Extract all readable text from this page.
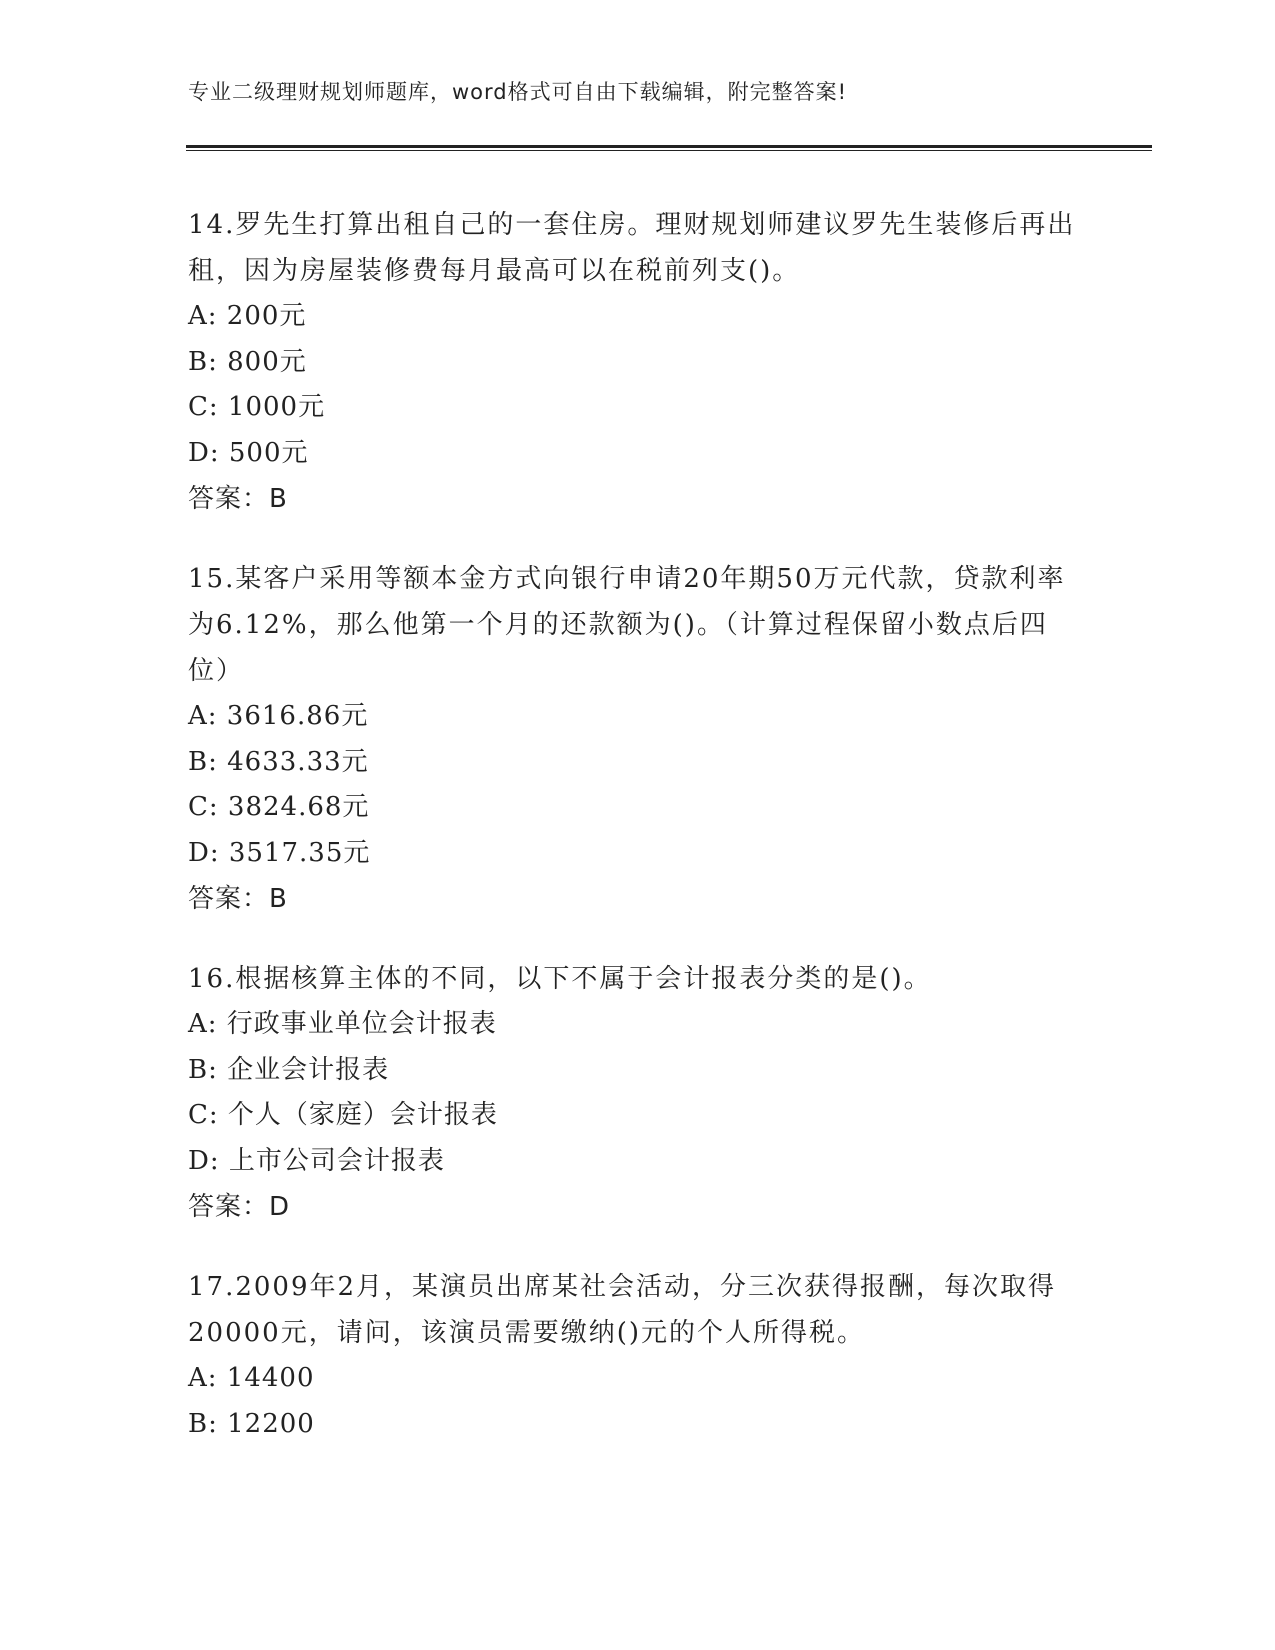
专业二级理财规划师题库，word格式可自由下载编辑，附完整答案!
14.罗先生打算出租自己的一套住房。理财规划师建议罗先生装修后再出租，因为房屋装修费每月最高可以在税前列支()。
A: 200元
B: 800元
C: 1000元
D: 500元
答案：B
15.某客户采用等额本金方式向银行申请20年期50万元代款，贷款利率为6.12%，那么他第一个月的还款额为()。（计算过程保留小数点后四位）
A: 3616.86元
B: 4633.33元
C: 3824.68元
D: 3517.35元
答案：B
16.根据核算主体的不同，以下不属于会计报表分类的是()。
A: 行政事业单位会计报表
B: 企业会计报表
C: 个人（家庭）会计报表
D: 上市公司会计报表
答案：D
17.2009年2月，某演员出席某社会活动，分三次获得报酬，每次取得20000元，请问，该演员需要缴纳()元的个人所得税。
A: 14400
B: 12200
